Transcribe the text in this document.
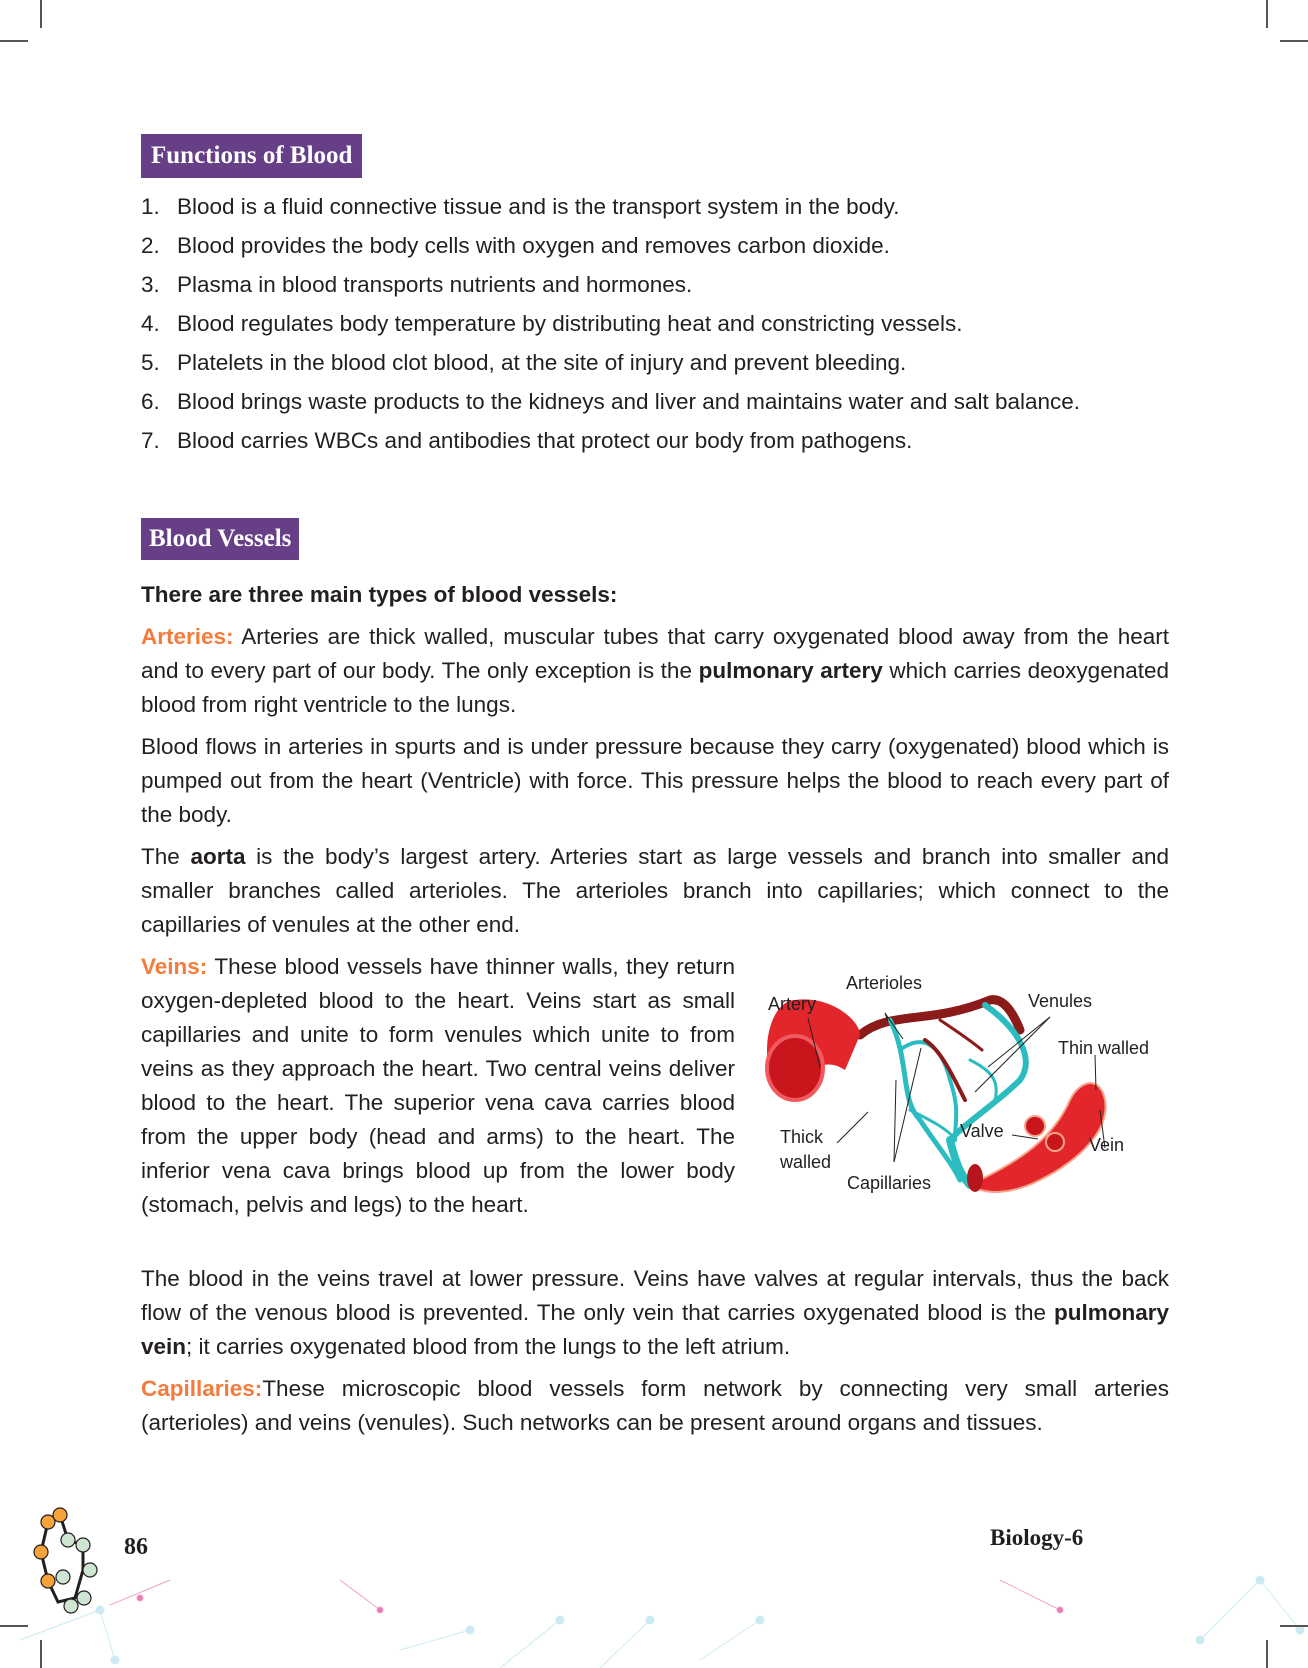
Functions of Blood
1. Blood is a fluid connective tissue and is the transport system in the body.
2. Blood provides the body cells with oxygen and removes carbon dioxide.
3. Plasma in blood transports nutrients and hormones.
4. Blood regulates body temperature by distributing heat and constricting vessels.
5. Platelets in the blood clot blood, at the site of injury and prevent bleeding.
6. Blood brings waste products to the kidneys and liver and maintains water and salt balance.
7. Blood carries WBCs and antibodies that protect our body from pathogens.
Blood Vessels

There are three main types of blood vessels:

Arteries: Arteries are thick walled, muscular tubes that carry oxygenated blood away from the heart and to every part of our body. The only exception is the pulmonary artery which carries deoxygenated blood from right ventricle to the lungs.

Blood flows in arteries in spurts and is under pressure because they carry (oxygenated) blood which is pumped out from the heart (Ventricle) with force. This pressure helps the blood to reach every part of the body.

The aorta is the body’s largest artery. Arteries start as large vessels and branch into smaller and smaller branches called arterioles. The arterioles branch into capillaries; which connect to the capillaries of venules at the other end.

Veins: These blood vessels have thinner walls, they return oxygen-depleted blood to the heart. Veins start as small capillaries and unite to form venules which unite to from veins as they approach the heart. Two central veins deliver blood to the heart. The superior vena cava carries blood from the upper body (head and arms) to the heart. The inferior vena cava brings blood up from the lower body (stomach, pelvis and legs) to the heart.

The blood in the veins travel at lower pressure. Veins have valves at regular intervals, thus the back flow of the venous blood is prevented. The only vein that carries oxygenated blood is the pulmonary vein; it carries oxygenated blood from the lungs to the left atrium.

Capillaries:These microscopic blood vessels form network by connecting very small arteries (arterioles) and veins (venules). Such networks can be present around organs and tissues.

Artery
Arterioles
Venules
Thin walled
Thick
walled
Valve
Vein
Capillaries
86	Biology-6
